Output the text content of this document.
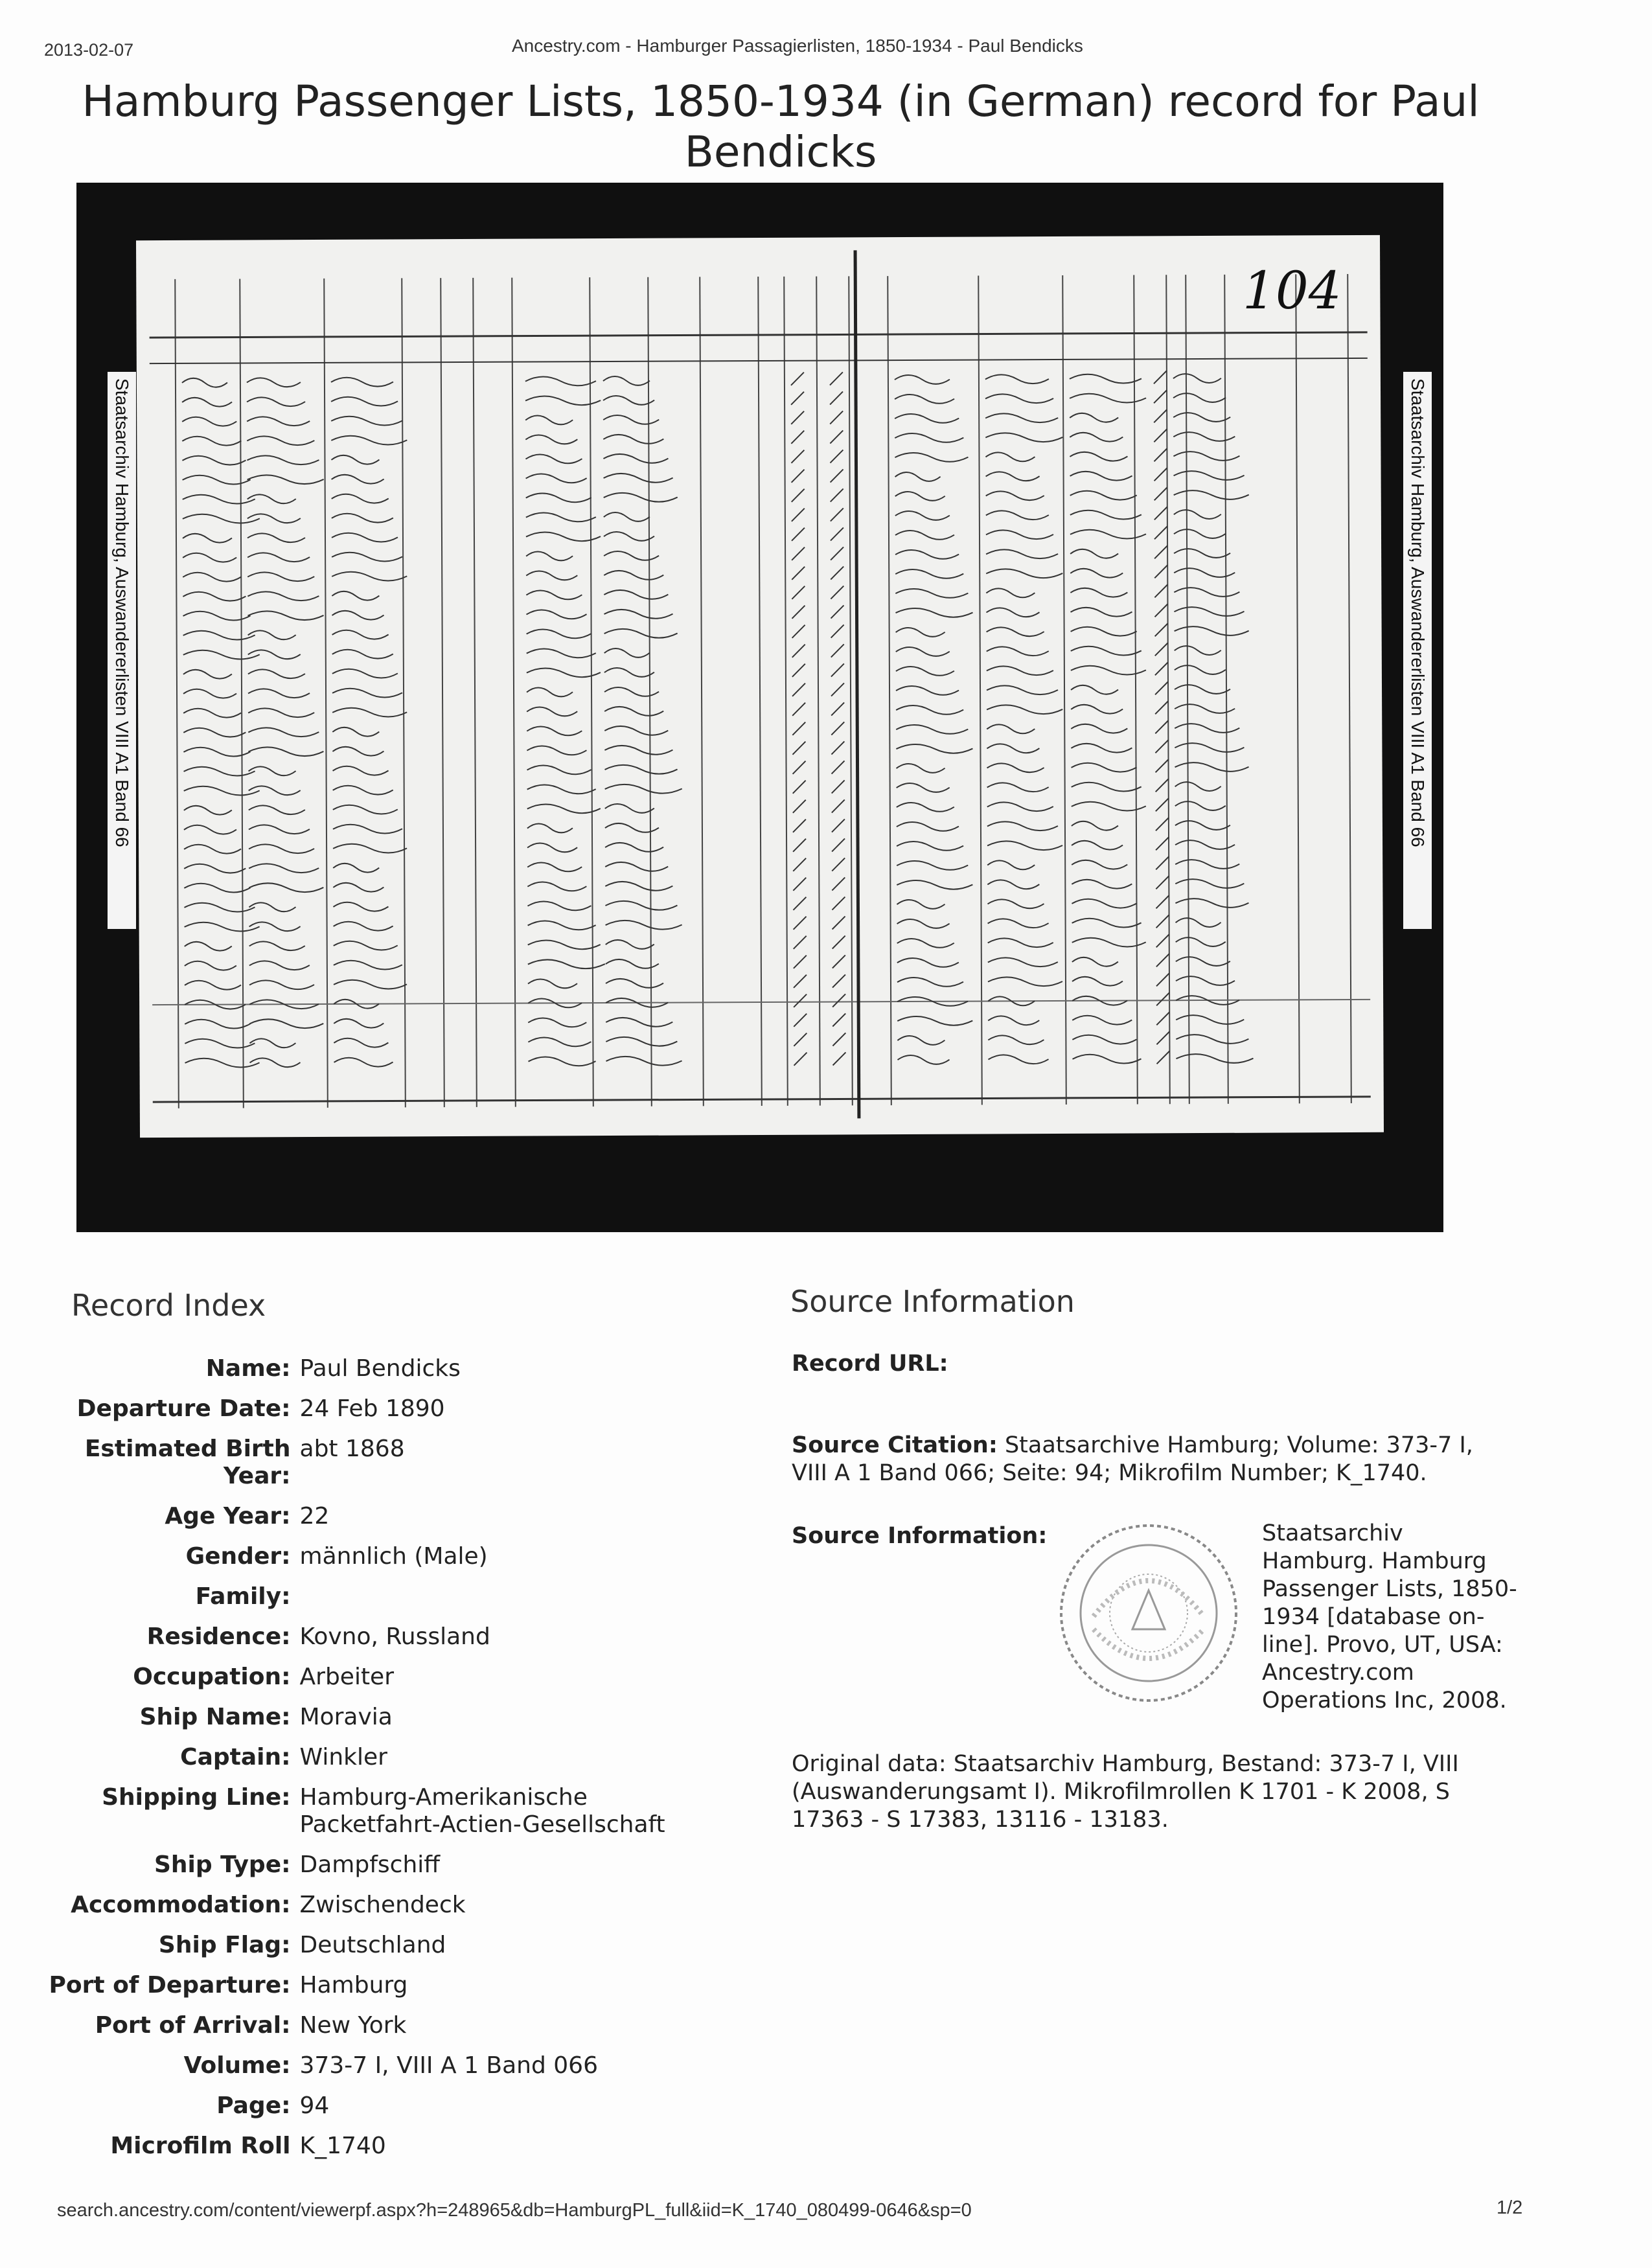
2013-02-07	Ancestry.com - Hamburger Passagierlisten, 1850-1934 - Paul Bendicks
Hamburg Passenger Lists, 1850-1934 (in German) record for Paul Bendicks
Staatsarchiv Hamburg, Auswandererlisten VIII A1 Band 66	Staatsarchiv Hamburg, Auswandererlisten VIII A1 Band 66
104
Record Index
Name: Paul Bendicks
Departure Date: 24 Feb 1890
Estimated Birth Year:
abt 1868
Age Year: 22
Gender: männlich (Male)
Family:
Residence: Kovno, Russland
Occupation: Arbeiter
Ship Name: Moravia
Captain: Winkler
Shipping Line: Hamburg-Amerikanische Packetfahrt-Actien-Gesellschaft
Ship Type: Dampfschiff
Accommodation: Zwischendeck
Ship Flag: Deutschland
Port of Departure: Hamburg
Port of Arrival: New York
Volume: 373-7 I, VIII A 1 Band 066
Page: 94
Microfilm Roll K_1740
Source Information
Record URL:
Source Citation: Staatsarchive Hamburg; Volume: 373-7 I, VIII A 1 Band 066; Seite: 94; Mikrofilm Number; K_1740.
Source Information:	Staatsarchiv Hamburg. Hamburg Passenger Lists, 1850-1934 [database on-line]. Provo, UT, USA: Ancestry.com Operations Inc, 2008.
Original data: Staatsarchiv Hamburg, Bestand: 373-7 I, VIII (Auswanderungsamt I). Mikrofilmrollen K 1701 - K 2008, S 17363 - S 17383, 13116 - 13183.
search.ancestry.com/content/viewerpf.aspx?h=248965&db=HamburgPL_full&iid=K_1740_080499-0646&sp=0	1/2
